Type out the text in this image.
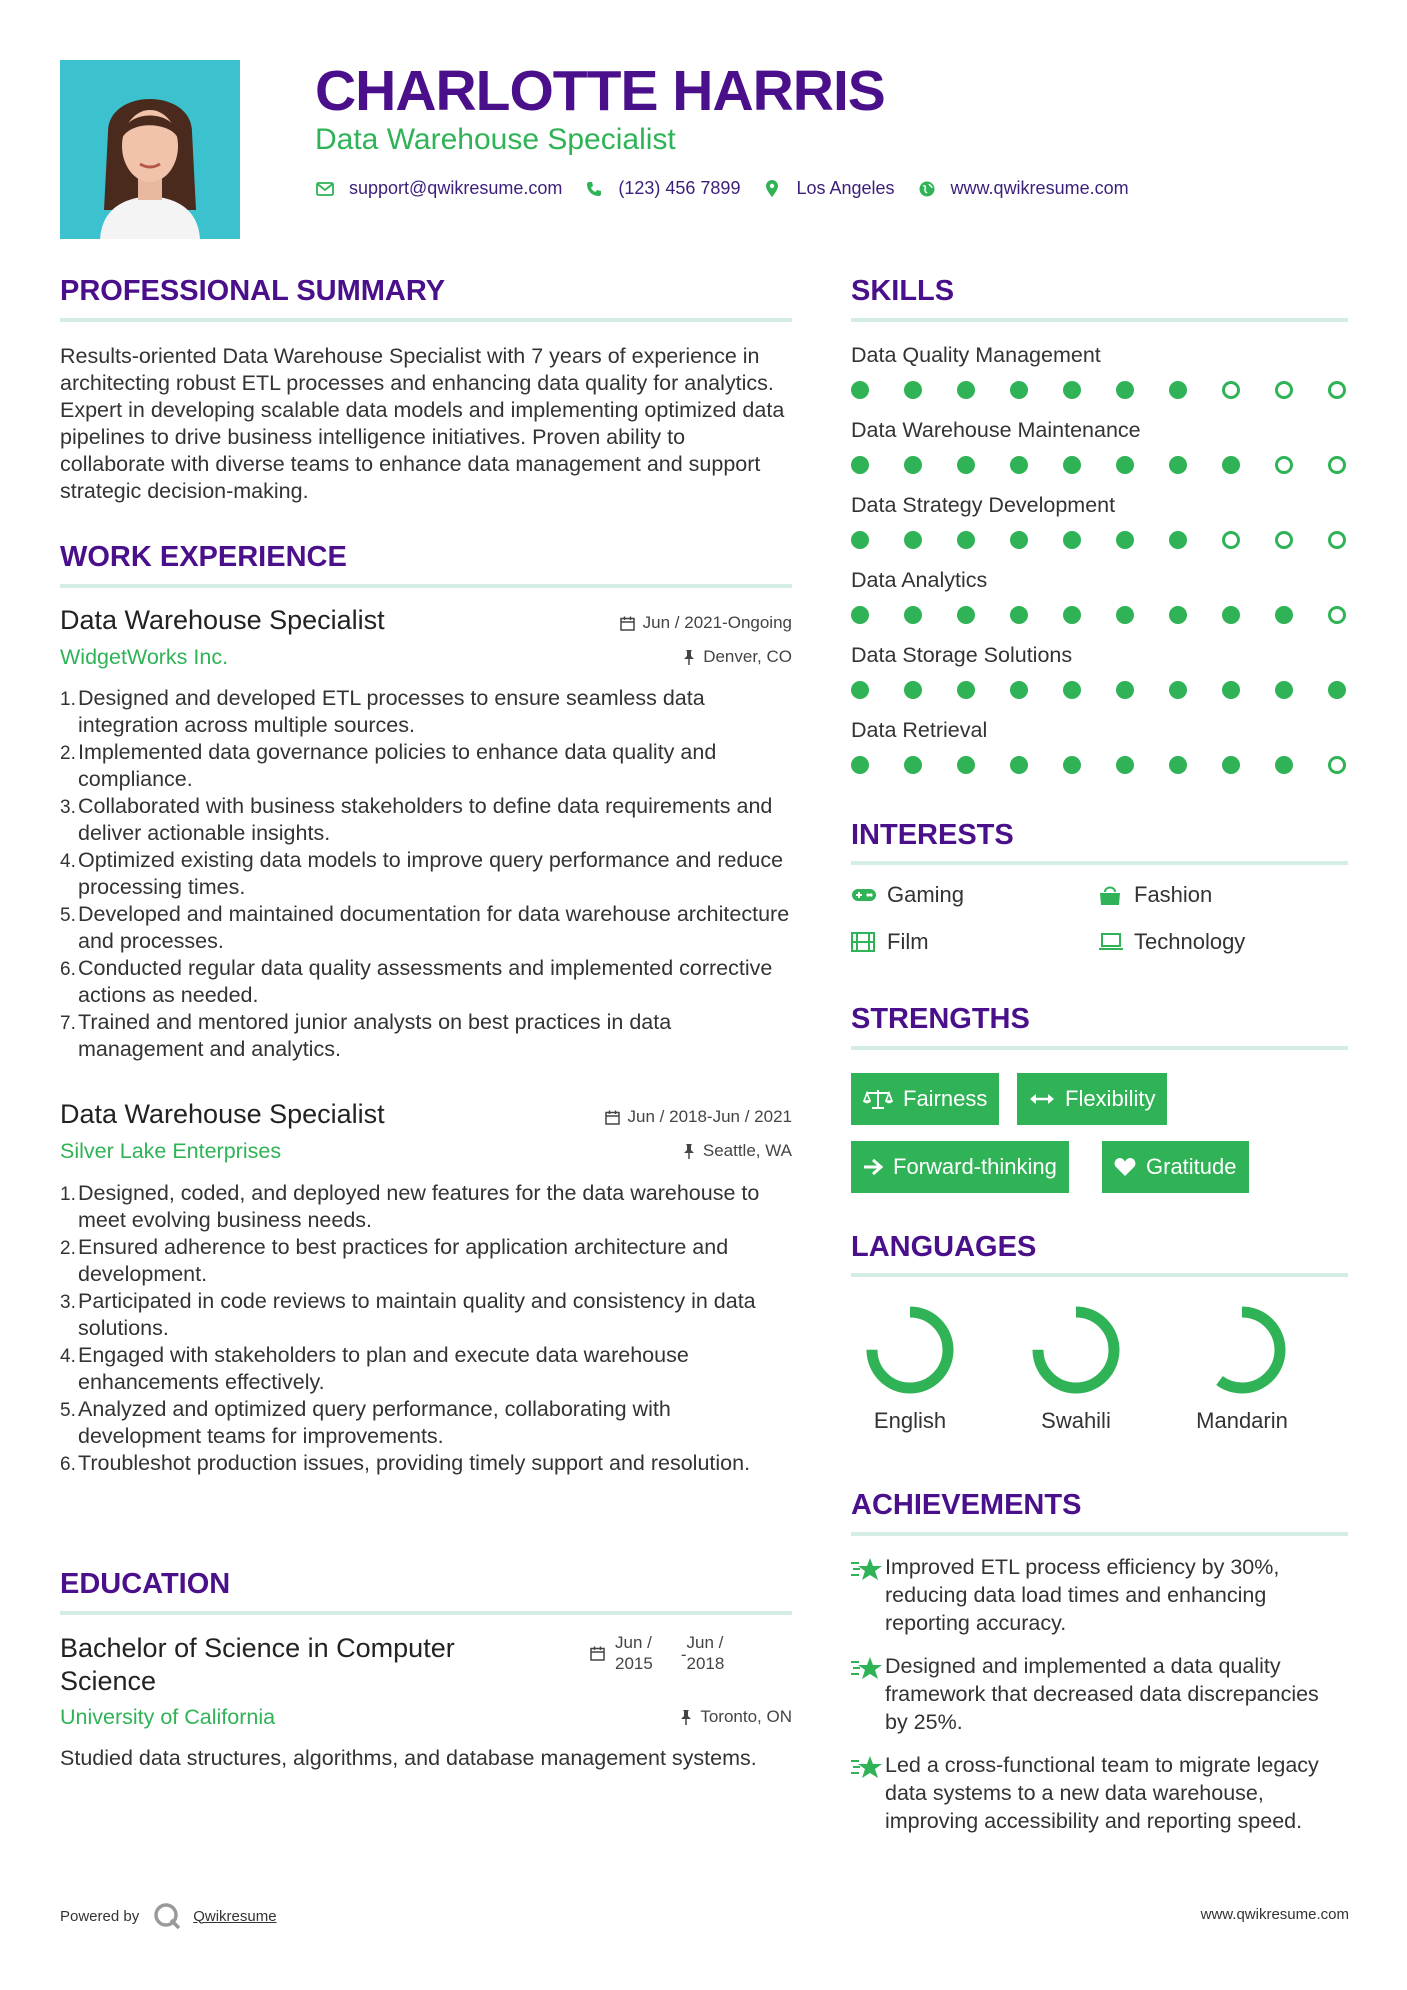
CHARLOTTE HARRIS
Data Warehouse Specialist
support@qwikresume.com	(123) 456 7899	Los Angeles	www.qwikresume.com
PROFESSIONAL SUMMARY
Results-oriented Data Warehouse Specialist with 7 years of experience in architecting robust ETL processes and enhancing data quality for analytics. Expert in developing scalable data models and implementing optimized data pipelines to drive business intelligence initiatives. Proven ability to collaborate with diverse teams to enhance data management and support strategic decision-making.
WORK EXPERIENCE
Data Warehouse Specialist
WidgetWorks Inc.
Jun / 2021-Ongoing
Denver, CO
Designed and developed ETL processes to ensure seamless data integration across multiple sources.
Implemented data governance policies to enhance data quality and compliance.
Collaborated with business stakeholders to define data requirements and deliver actionable insights.
Optimized existing data models to improve query performance and reduce processing times.
Developed and maintained documentation for data warehouse architecture and processes.
Conducted regular data quality assessments and implemented corrective actions as needed.
Trained and mentored junior analysts on best practices in data management and analytics.
Data Warehouse Specialist
Silver Lake Enterprises
Jun / 2018-Jun / 2021
Seattle, WA
Designed, coded, and deployed new features for the data warehouse to meet evolving business needs.
Ensured adherence to best practices for application architecture and development.
Participated in code reviews to maintain quality and consistency in data solutions.
Engaged with stakeholders to plan and execute data warehouse enhancements effectively.
Analyzed and optimized query performance, collaborating with development teams for improvements.
Troubleshot production issues, providing timely support and resolution.
EDUCATION
Bachelor of Science in Computer
Science
Jun /
2015 -
Jun /
2018
University of California	Toronto, ON
Studied data structures, algorithms, and database management systems.
SKILLS
Data Quality Management
Data Warehouse Maintenance
Data Strategy Development
Data Analytics
Data Storage Solutions
Data Retrieval
INTERESTS
Gaming	Fashion
Film	Technology
STRENGTHS
Fairness	Flexibility
Forward-thinking	Gratitude
LANGUAGES
English	Swahili	Mandarin
ACHIEVEMENTS
Improved ETL process efficiency by 30%, reducing data load times and enhancing reporting accuracy.
Designed and implemented a data quality framework that decreased data discrepancies by 25%.
Led a cross-functional team to migrate legacy data systems to a new data warehouse, improving accessibility and reporting speed.
Powered by	Qwikresume	www.qwikresume.com
